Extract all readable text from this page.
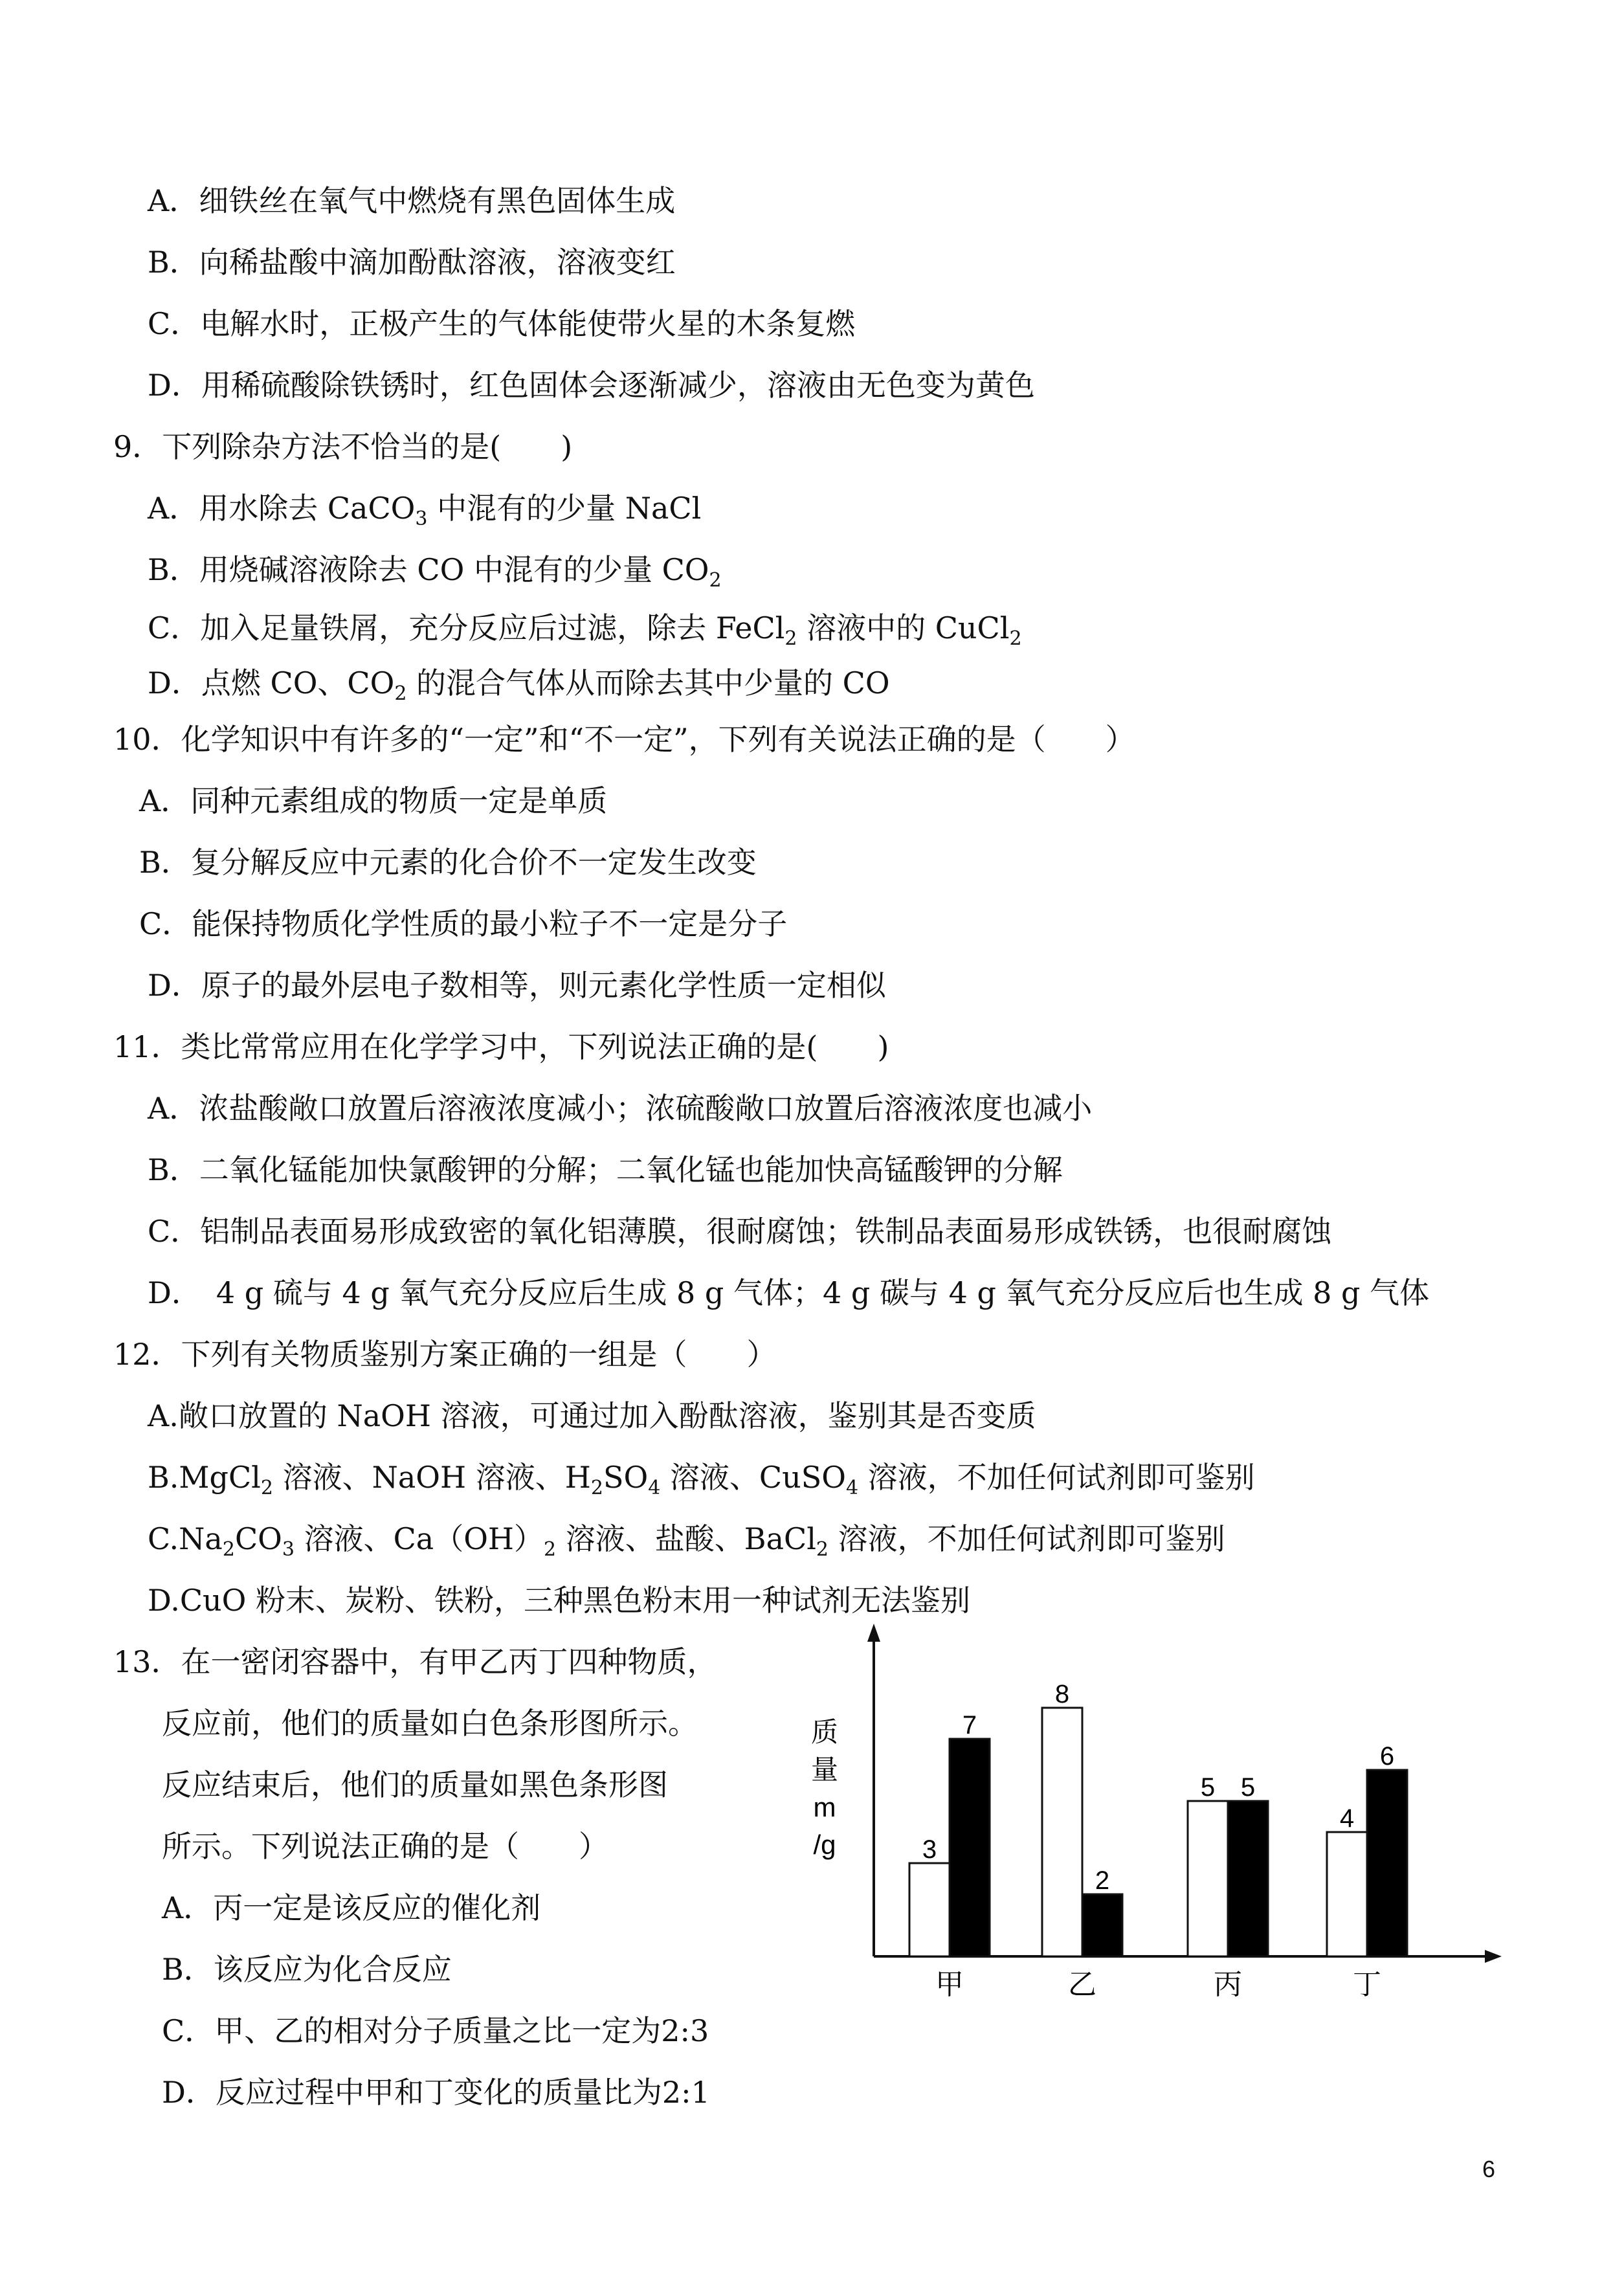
A．细铁丝在氧气中燃烧有黑色固体生成
B．向稀盐酸中滴加酚酞溶液，溶液变红
C．电解水时，正极产生的气体能使带火星的木条复燃
D．用稀硫酸除铁锈时，红色固体会逐渐减少，溶液由无色变为黄色
9．下列除杂方法不恰当的是(　　)
A．用水除去 CaCO$_3$ 中混有的少量 NaCl
B．用烧碱溶液除去 CO 中混有的少量 $CO_2$
C．加入足量铁屑，充分反应后过滤，除去 FeCl$_2$ 溶液中的 CuCl$_2$
D．点燃 CO、$CO_2$ 的混合气体从而除去其中少量的 CO
10．化学知识中有许多的“一定”和“不一定”，下列有关说法正确的是（　　）
A．同种元素组成的物质一定是单质
B．复分解反应中元素的化合价不一定发生改变
C．能保持物质化学性质的最小粒子不一定是分子
D．原子的最外层电子数相等，则元素化学性质一定相似
11．类比常常应用在化学学习中，下列说法正确的是(　　)
A．浓盐酸敞口放置后溶液浓度减小；浓硫酸敞口放置后溶液浓度也减小
B．二氧化锰能加快氯酸钾的分解；二氧化锰也能加快高锰酸钾的分解
C．铝制品表面易形成致密的氧化铝薄膜，很耐腐蚀；铁制品表面易形成铁锈，也很耐腐蚀
D．　4 g 硫与 4 g 氧气充分反应后生成 8 g 气体；4 g 碳与 4 g 氧气充分反应后也生成 8 g 气体
12．下列有关物质鉴别方案正确的一组是（　　）
A.敞口放置的 NaOH 溶液，可通过加入酚酞溶液，鉴别其是否变质
B.MgCl$_2$ 溶液、NaOH 溶液、$H_2SO_4$ 溶液、CuSO$_4$ 溶液，不加任何试剂即可鉴别
$C.Na_2CO_3$ 溶液、$Ca(OH)_2$ 溶液、盐酸、BaCl$_2$ 溶液，不加任何试剂即可鉴别
D.CuO 粉末、炭粉、铁粉，三种黑色粉末用一种试剂无法鉴别
13．在一密闭容器中，有甲乙丙丁四种物质，
反应前，他们的质量如白色条形图所示。
反应结束后，他们的质量如黑色条形图
所示。下列说法正确的是（　　）
A．丙一定是该反应的催化剂
B．该反应为化合反应
C．甲、乙的相对分子质量之比一定为2:3
D．反应过程中甲和丁变化的质量比为2:1
质
量
m
/g	3
7
甲
8
2
乙
5 5
丙
4
6
丁
6
